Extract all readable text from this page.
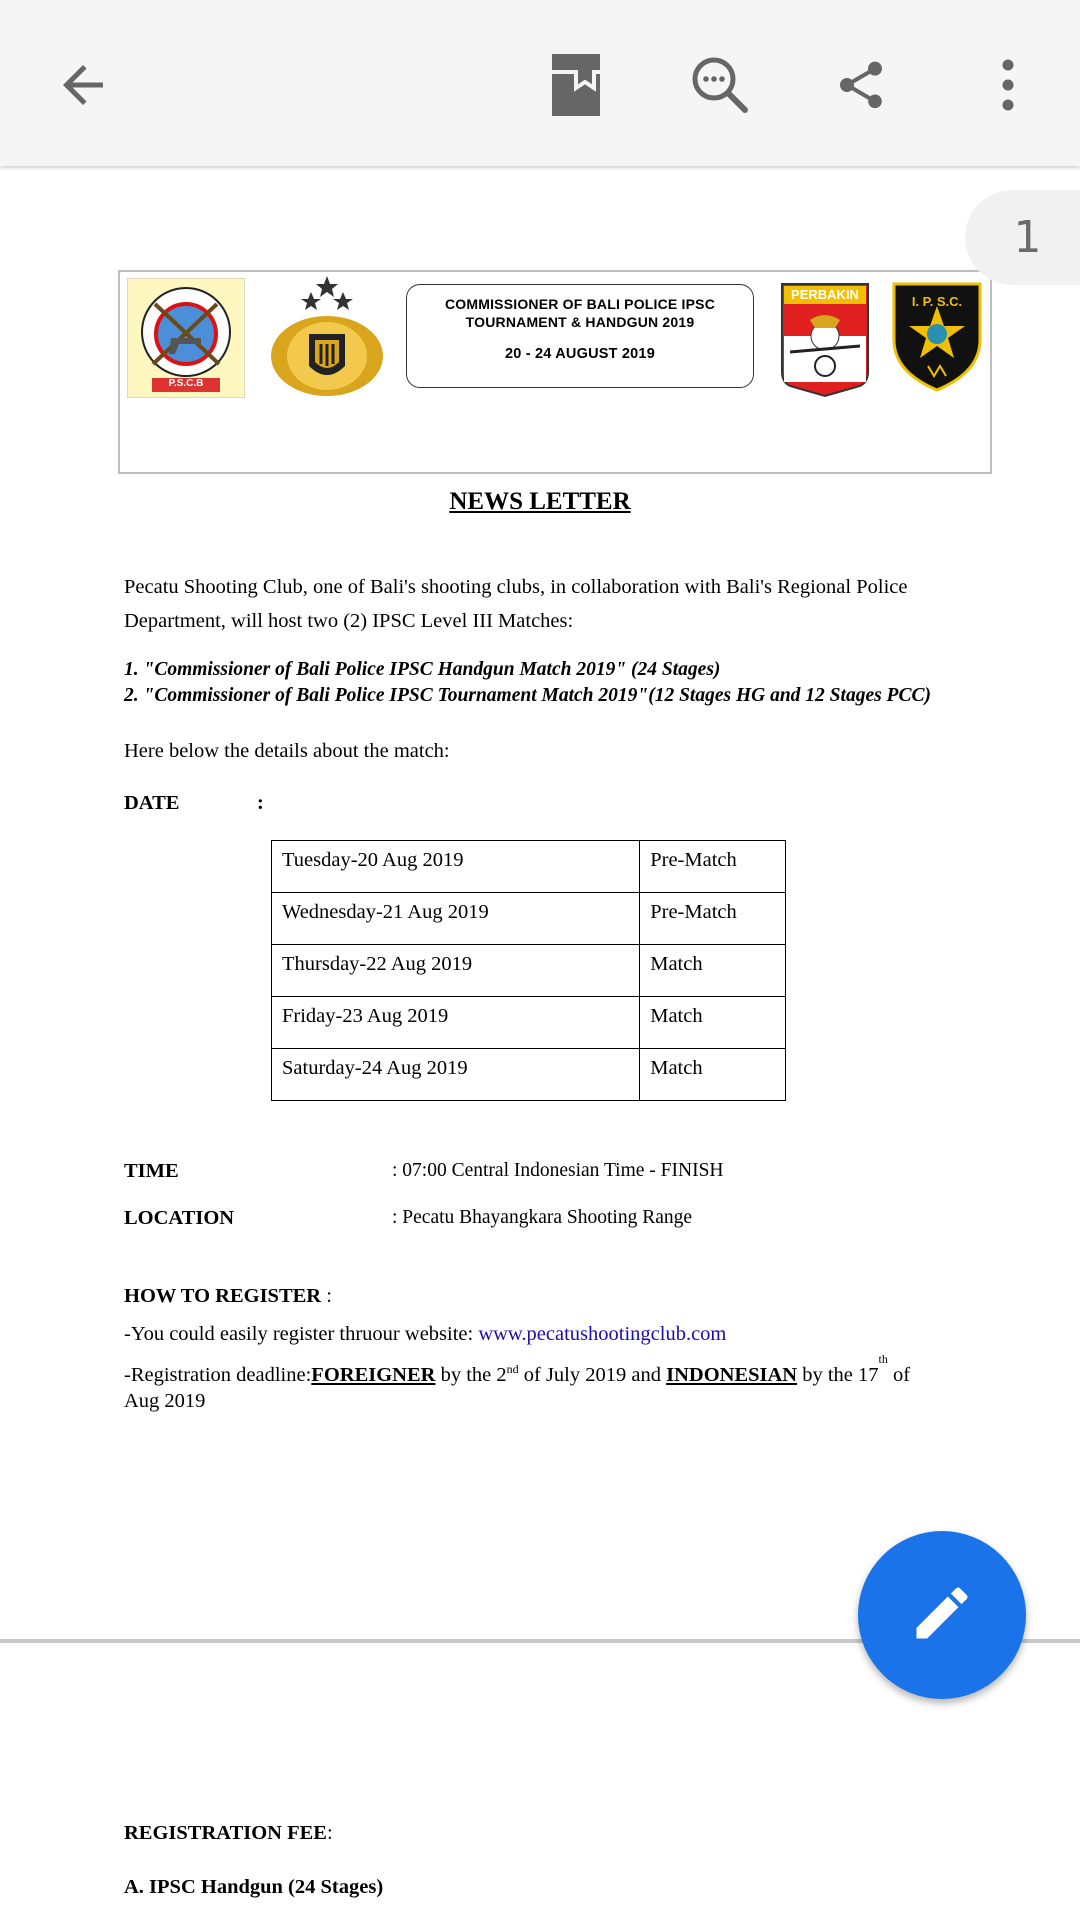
1
P.S.C.B
COMMISSIONER OF BALI POLICE IPSC
TOURNAMENT & HANDGUN 2019
20 - 24 AUGUST 2019
PERBAKIN	I. P. S.C.
NEWS LETTER
Pecatu Shooting Club, one of Bali's shooting clubs, in collaboration with Bali's Regional Police Department, will host two (2) IPSC Level III Matches:
1. "Commissioner of Bali Police IPSC Handgun Match 2019" (24 Stages)
2. "Commissioner of Bali Police IPSC Tournament Match 2019"(12 Stages HG and 12 Stages PCC)
Here below the details about the match:
DATE	:
Tuesday-20 Aug 2019	Pre-Match
Wednesday-21 Aug 2019	Pre-Match
Thursday-22 Aug 2019	Match
Friday-23 Aug 2019	Match
Saturday-24 Aug 2019	Match
TIME	: 07:00 Central Indonesian Time - FINISH
LOCATION	: Pecatu Bhayangkara Shooting Range
HOW TO REGISTER :
-You could easily register thruour website: www.pecatushootingclub.com
-Registration deadline:FOREIGNER by the 2nd of July 2019 and INDONESIAN by the 17th of
Aug 2019
REGISTRATION FEE:
A. IPSC Handgun (24 Stages)
